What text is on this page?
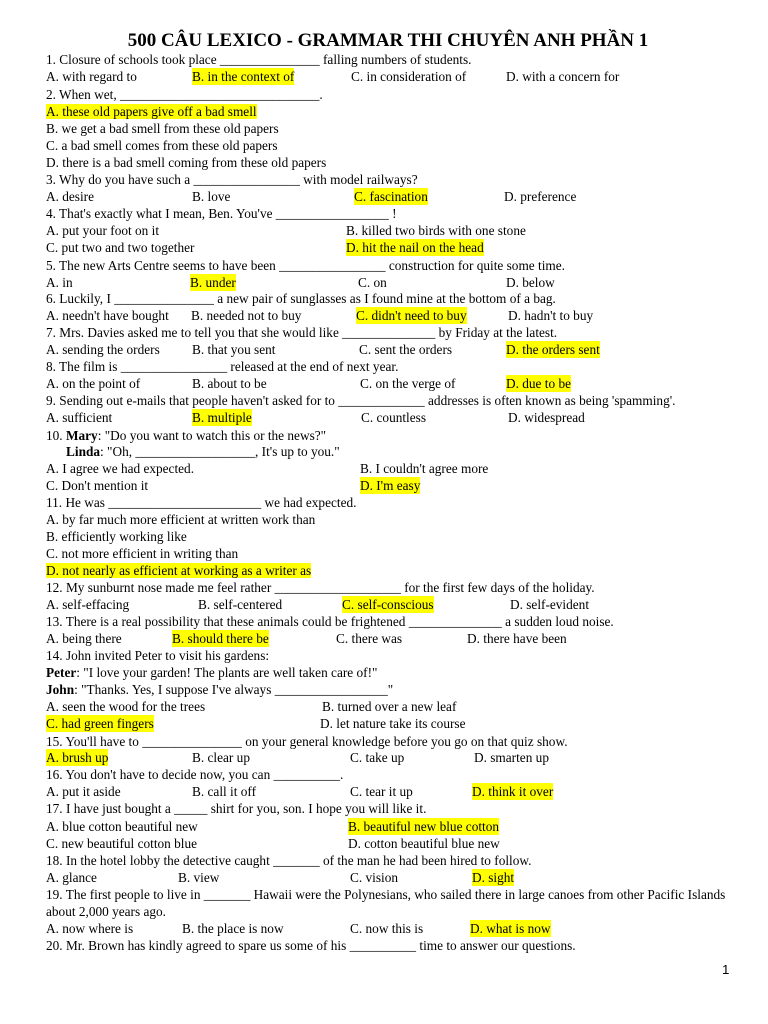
500 CÂU LEXICO - GRAMMAR THI CHUYÊN ANH PHẦN 1
1. Closure of schools took place _______________ falling numbers of students.
A. with regard to	B. in the context of	C. in consideration of	D. with a concern for
2. When wet, ______________________________.
A. these old papers give off a bad smell
B. we get a bad smell from these old papers
C. a bad smell comes from these old papers
D. there is a bad smell coming from these old papers
3. Why do you have such a ________________ with model railways?
A. desire	B. love	C. fascination	D. preference
4. That's exactly what I mean, Ben. You've _________________ !
A. put your foot on it	B. killed two birds with one stone
C. put two and two together	D. hit the nail on the head
5. The new Arts Centre seems to have been ________________ construction for quite some time.
A. in	B. under	C. on	D. below
6. Luckily, I _______________ a new pair of sunglasses as I found mine at the bottom of a bag.
A. needn't have bought B. needed not to buy	C. didn't need to buy	D. hadn't to buy
7. Mrs. Davies asked me to tell you that she would like ______________ by Friday at the latest.
A. sending the orders B. that you sent	C. sent the orders	D. the orders sent
8. The film is ________________ released at the end of next year.
A. on the point of	B. about to be	C. on the verge of	D. due to be
9. Sending out e-mails that people haven't asked for to _____________ addresses is often known as being 'spamming'.
A. sufficient	B. multiple	C. countless	D. widespread
10. Mary: "Do you want to watch this or the news?"
Linda: "Oh, __________________, It's up to you."
A. I agree we had expected.	B. I couldn't agree more
C. Don't mention it	D. I'm easy
11. He was _______________________ we had expected.
A. by far much more efficient at written work than
B. efficiently working like
C. not more efficient in writing than
D. not nearly as efficient at working as a writer as
12. My sunburnt nose made me feel rather ___________________ for the first few days of the holiday.
A. self-effacing	B. self-centered	C. self-conscious	D. self-evident
13. There is a real possibility that these animals could be frightened ______________ a sudden loud noise.
A. being there	B. should there be	C. there was	D. there have been
14. John invited Peter to visit his gardens:
Peter: "I love your garden! The plants are well taken care of!"
John: "Thanks. Yes, I suppose I've always _________________"
A. seen the wood for the trees	B. turned over a new leaf
C. had green fingers	D. let nature take its course
15. You'll have to _______________ on your general knowledge before you go on that quiz show.
A. brush up	B. clear up	C. take up	D. smarten up
16. You don't have to decide now, you can __________.
A. put it aside	B. call it off	C. tear it up	D. think it over
17. I have just bought a _____ shirt for you, son. I hope you will like it.
A. blue cotton beautiful new	B. beautiful new blue cotton
C. new beautiful cotton blue	D. cotton beautiful blue new
18. In the hotel lobby the detective caught _______ of the man he had been hired to follow.
A. glance	B. view	C. vision	D. sight
19. The first people to live in _______ Hawaii were the Polynesians, who sailed there in large canoes from other Pacific Islands about 2,000 years ago.
A. now where is	B. the place is now	C. now this is	D. what is now
20. Mr. Brown has kindly agreed to spare us some of his __________ time to answer our questions.
1
